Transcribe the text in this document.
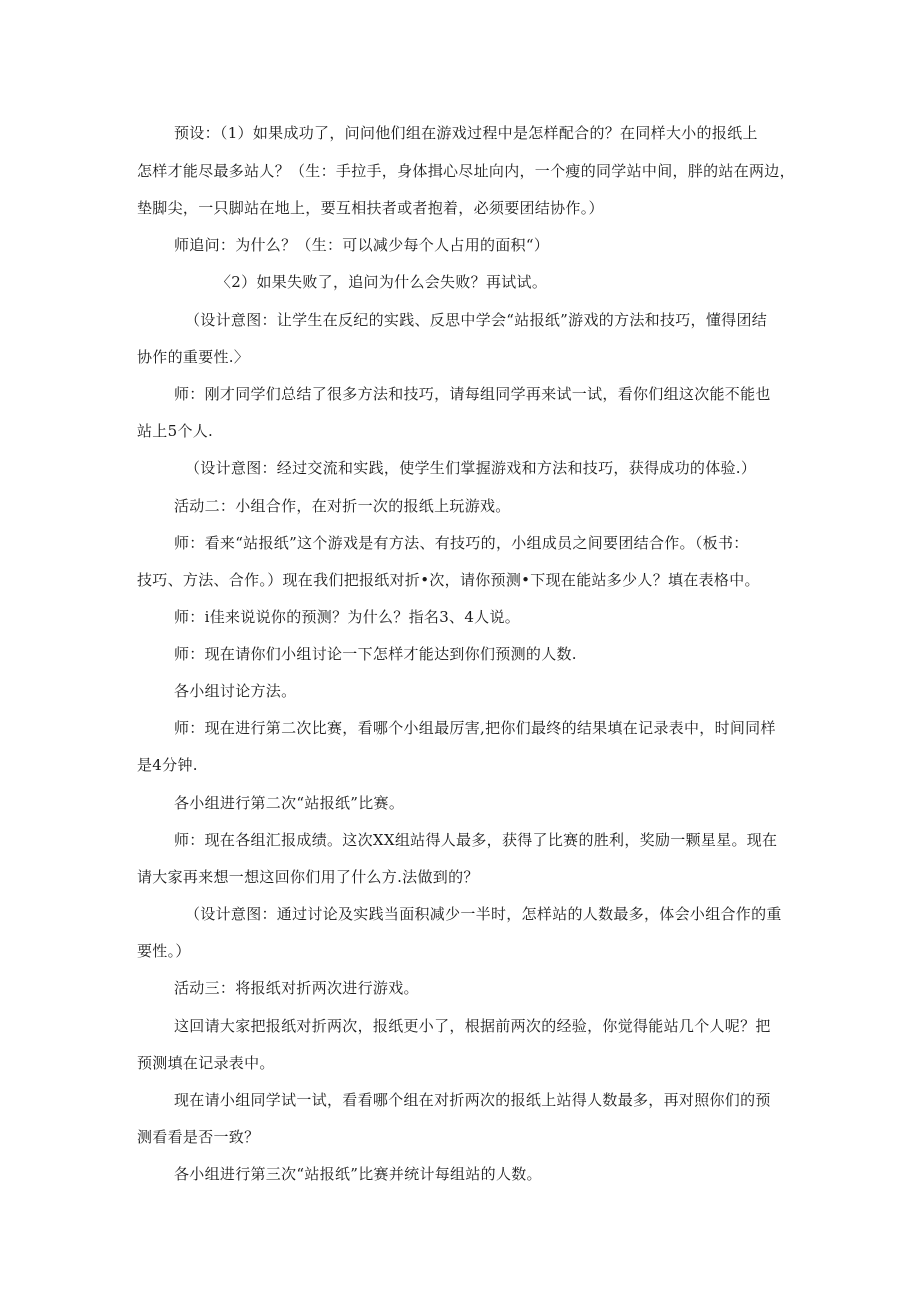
预设：（1）如果成功了，问问他们组在游戏过程中是怎样配合的？在同样大小的报纸上
怎样才能尽最多站人？（生：手拉手，身体揖心尽址向内，一个瘦的同学站中间，胖的站在两边，
垫脚尖，一只脚站在地上，要互相扶者或者抱着，必须要团结协作。）
师追问：为什么？（生：可以减少每个人占用的面积“）
〈2）如果失败了，追问为什么会失败？再试试。
（设计意图：让学生在反纪的实践、反思中学会“站报纸”游戏的方法和技巧，懂得团结
协作的重要性.〉
师：刚才同学们总结了很多方法和技巧，请每组同学再来试一试，看你们组这次能不能也
站上5个人.
（设计意图：经过交流和实践，使学生们掌握游戏和方法和技巧，获得成功的体验.）
活动二：小组合作，在对折一次的报纸上玩游戏。
师：看来“站报纸”这个游戏是有方法、有技巧的，小组成员之间要团结合作。（板书：
技巧、方法、合作。）现在我们把报纸对折•次，请你预测•下现在能站多少人？填在表格中。
师：i佳来说说你的预测？为什么？指名3、4人说。
师：现在请你们小组讨论一下怎样才能达到你们预测的人数.
各小组讨论方法。
师：现在进行第二次比赛，看哪个小组最厉害,把你们最终的结果填在记录表中，时间同样
是4分钟.
各小组进行第二次“站报纸”比赛。
师：现在各组汇报成绩。这次XX组站得人最多，获得了比赛的胜利，奖励一颗星星。现在
请大家再来想一想这回你们用了什么方.法做到的？
（设计意图：通过讨论及实践当面积减少一半时，怎样站的人数最多，体会小组合作的重
要性。）
活动三：将报纸对折两次进行游戏。
这回请大家把报纸对折两次，报纸更小了，根据前两次的经验，你觉得能站几个人呢？把
预测填在记录表中。
现在请小组同学试一试，看看哪个组在对折两次的报纸上站得人数最多，再对照你们的预
测看看是否一致？
各小组进行第三次“站报纸”比赛并统计每组站的人数。
